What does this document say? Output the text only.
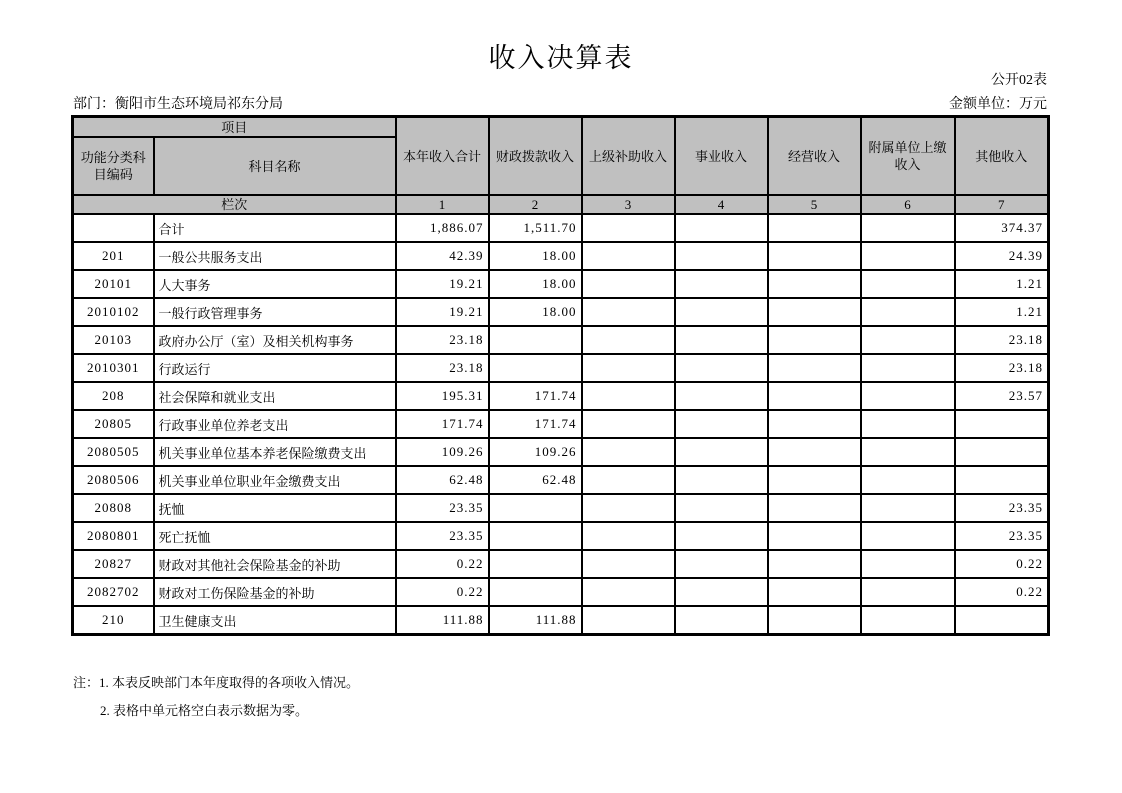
收入决算表
公开02表
部门：衡阳市生态环境局祁东分局	金额单位：万元
项目		本年收入合计	财政拨款收入	上级补助收入	事业收入	经营收入	附属单位上缴收入	其他收入
功能分类科目编码	科目名称							
栏次		1	2	3	4	5	6	7
	合计	1,886.07	1,511.70					374.37
201	一般公共服务支出	42.39	18.00					24.39
20101	人大事务	19.21	18.00					1.21
2010102	一般行政管理事务	19.21	18.00					1.21
20103	政府办公厅（室）及相关机构事务	23.18						23.18
2010301	行政运行	23.18						23.18
208	社会保障和就业支出	195.31	171.74					23.57
20805	行政事业单位养老支出	171.74	171.74					
2080505	机关事业单位基本养老保险缴费支出	109.26	109.26					
2080506	机关事业单位职业年金缴费支出	62.48	62.48					
20808	抚恤	23.35						23.35
2080801	死亡抚恤	23.35						23.35
20827	财政对其他社会保险基金的补助	0.22						0.22
2082702	财政对工伤保险基金的补助	0.22						0.22
210	卫生健康支出	111.88	111.88					

注：1. 本表反映部门本年度取得的各项收入情况。

2. 表格中单元格空白表示数据为零。
